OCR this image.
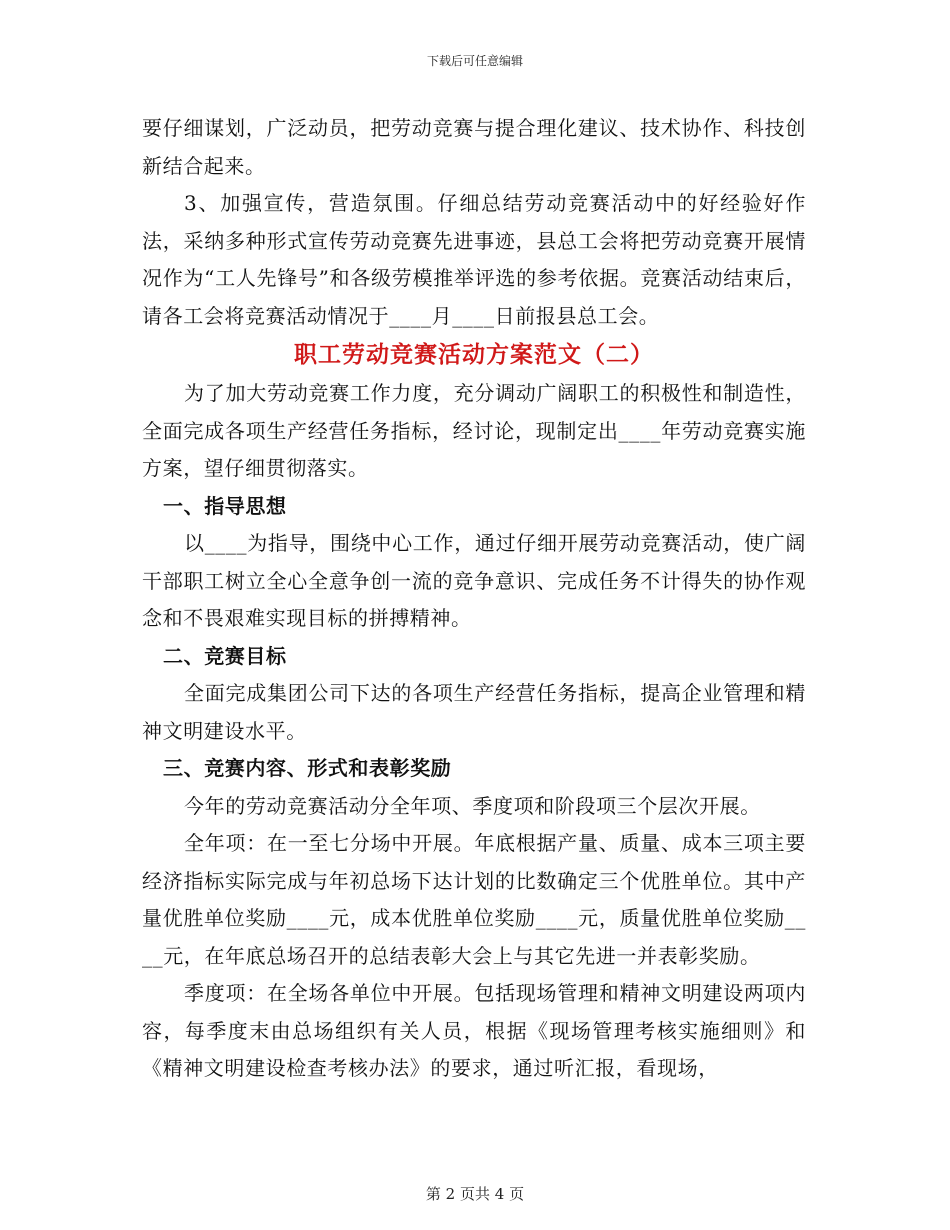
下载后可任意编辑

要仔细谋划，广泛动员，把劳动竞赛与提合理化建议、技术协作、科技创新结合起来。

3、加强宣传，营造氛围。仔细总结劳动竞赛活动中的好经验好作法，采纳多种形式宣传劳动竞赛先进事迹，县总工会将把劳动竞赛开展情况作为“工人先锋号”和各级劳模推举评选的参考依据。竞赛活动结束后，请各工会将竞赛活动情况于____月____日前报县总工会。

职工劳动竞赛活动方案范文（二）

为了加大劳动竞赛工作力度，充分调动广阔职工的积极性和制造性，全面完成各项生产经营任务指标，经讨论，现制定出____年劳动竞赛实施方案，望仔细贯彻落实。

一、指导思想

以____为指导，围绕中心工作，通过仔细开展劳动竞赛活动，使广阔干部职工树立全心全意争创一流的竞争意识、完成任务不计得失的协作观念和不畏艰难实现目标的拼搏精神。

二、竞赛目标

全面完成集团公司下达的各项生产经营任务指标，提高企业管理和精神文明建设水平。

三、竞赛内容、形式和表彰奖励

今年的劳动竞赛活动分全年项、季度项和阶段项三个层次开展。

全年项：在一至七分场中开展。年底根据产量、质量、成本三项主要经济指标实际完成与年初总场下达计划的比数确定三个优胜单位。其中产量优胜单位奖励____元，成本优胜单位奖励____元，质量优胜单位奖励____元，在年底总场召开的总结表彰大会上与其它先进一并表彰奖励。

季度项：在全场各单位中开展。包括现场管理和精神文明建设两项内容，每季度末由总场组织有关人员，根据《现场管理考核实施细则》和《精神文明建设检查考核办法》的要求，通过听汇报，看现场，

第 2 页共 4 页
